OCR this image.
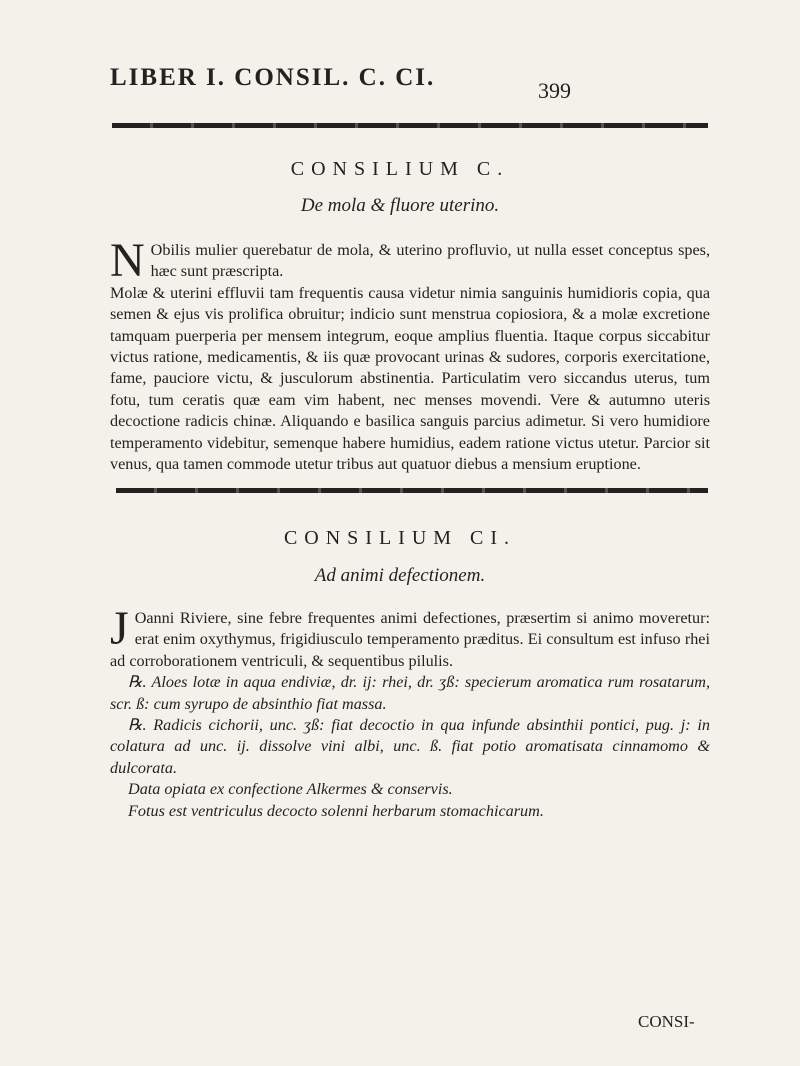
LIBER I. CONSIL. C. CI.	399
CONSILIUM C.
De mola & fluore uterino.

N Obilis mulier querebatur de mola, & uterino profluvio, ut nulla esset conceptus spes, hæc sunt præscripta.

Molæ & uterini effluvii tam frequentis causa videtur nimia sanguinis humidioris copia, qua semen & ejus vis prolifica obruitur; indicio sunt menstrua copiosiora, & a molæ excretione tamquam puerperia per mensem integrum, eoque amplius fluentia. Itaque corpus siccabitur victus ratione, medicamentis, & iis quæ provocant urinas & sudores, corporis exercitatione, fame, pauciore victu, & jusculorum abstinentia. Particulatim vero siccandus uterus, tum fotu, tum ceratis quæ eam vim habent, nec menses movendi. Vere & autumno uteris decoctione radicis chinæ. Aliquando e basilica sanguis parcius adimetur. Si vero humidiore temperamento videbitur, semenque habere humidius, eadem ratione victus utetur. Parcior sit venus, qua tamen commode utetur tribus aut quatuor diebus a mensium eruptione.

CONSILIUM CI.
Ad animi defectionem.

J Oanni Riviere, sine febre frequentes animi defectiones, præsertim si animo moveretur: erat enim oxythymus, frigidiusculo temperamento præditus. Ei consultum est infuso rhei ad corroborationem ventriculi, & sequentibus pilulis.

℞. Aloes lotæ in aqua endiviæ, dr. ij: rhei, dr. ʒß: specierum aromatica rum rosatarum, scr. ß: cum syrupo de absinthio fiat massa.

℞. Radicis cichorii, unc. ʒß: fiat decoctio in qua infunde absinthii pontici, pug. j: in colatura ad unc. ij. dissolve vini albi, unc. ß. fiat potio aromatisata cinnamomo & dulcorata.

Data opiata ex confectione Alkermes & conservis.

Fotus est ventriculus decocto solenni herbarum stomachicarum.

CONSI-
